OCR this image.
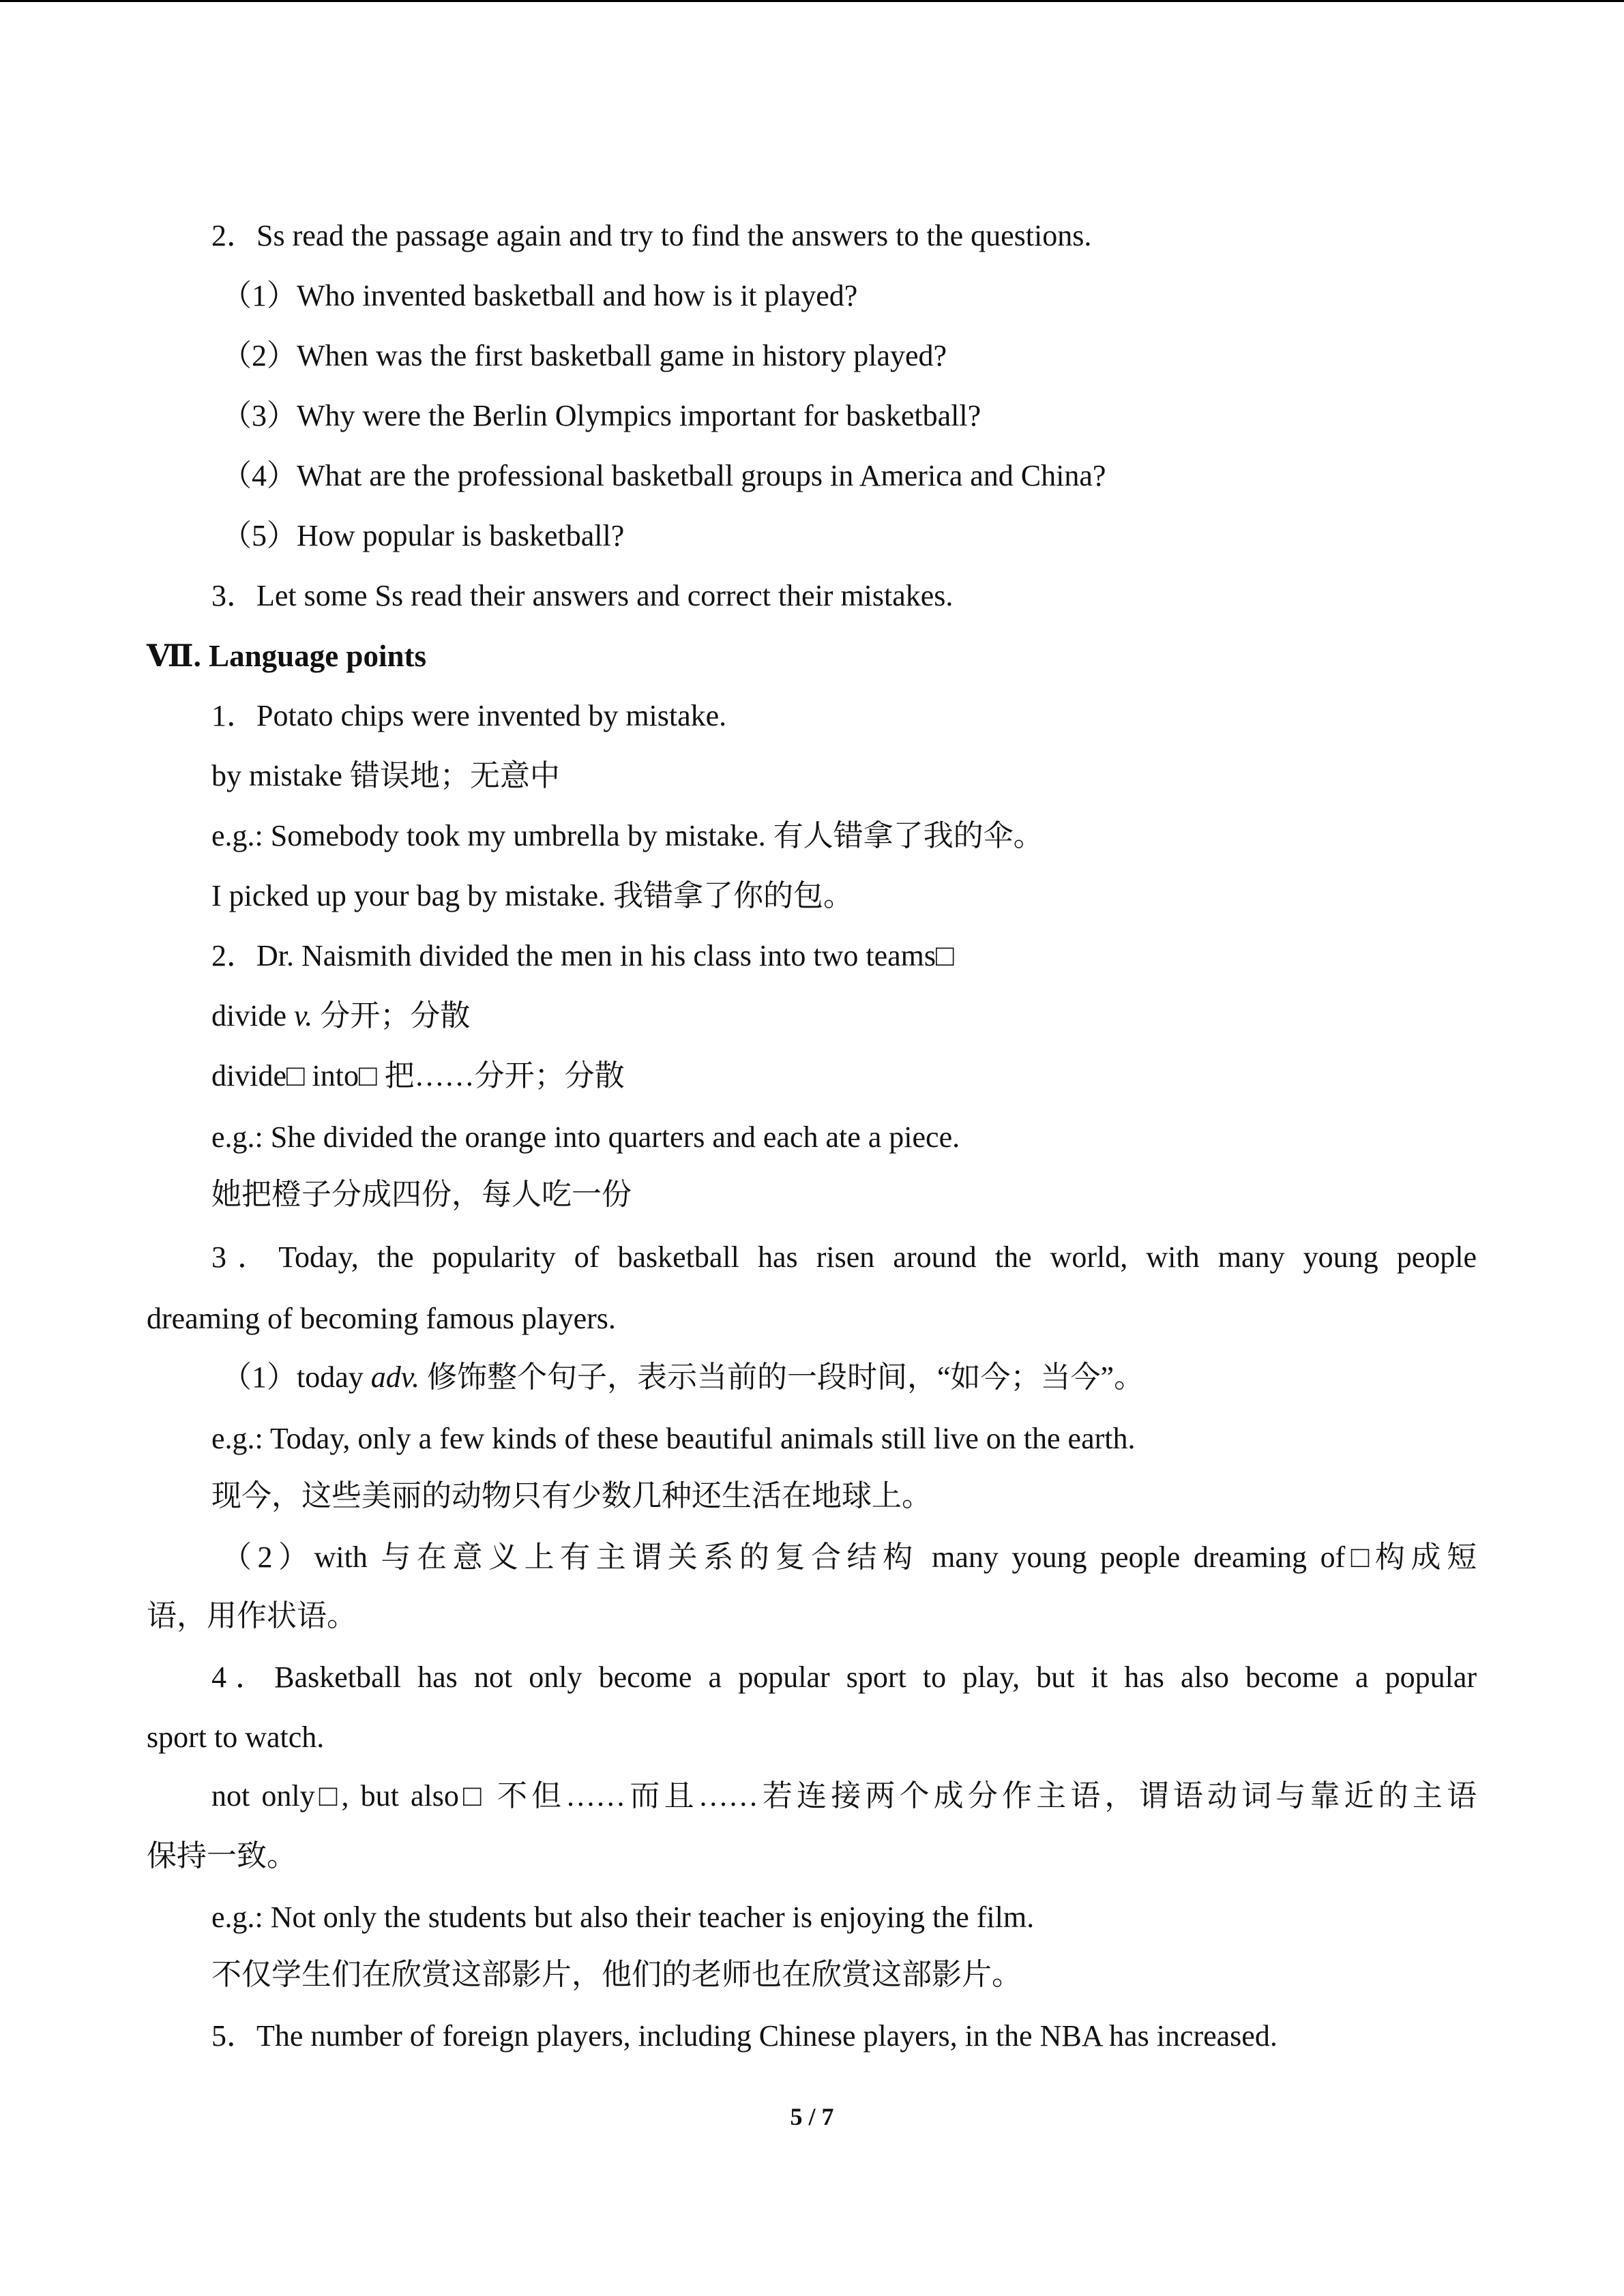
2．Ss read the passage again and try to find the answers to the questions.
（1）Who invented basketball and how is it played?
（2）When was the first basketball game in history played?
（3）Why were the Berlin Olympics important for basketball?
（4）What are the professional basketball groups in America and China?
（5）How popular is basketball?
3．Let some Ss read their answers and correct their mistakes.
Ⅶ. Language points
1．Potato chips were invented by mistake.
by mistake 错误地；无意中
e.g.: Somebody took my umbrella by mistake. 有人错拿了我的伞。
I picked up your bag by mistake. 我错拿了你的包。
2．Dr. Naismith divided the men in his class into two teams□
divide v. 分开；分散
divide□ into□ 把……分开；分散
e.g.: She divided the orange into quarters and each ate a piece.
她把橙子分成四份，每人吃一份
3．Today, the popularity of basketball has risen around the world, with many young people
dreaming of becoming famous players.
（1）today adv. 修饰整个句子，表示当前的一段时间，“如今；当今”。
e.g.: Today, only a few kinds of these beautiful animals still live on the earth.
现今，这些美丽的动物只有少数几种还生活在地球上。
（2）with 与在意义上有主谓关系的复合结构 many young people dreaming of□构成短
语，用作状语。
4．Basketball has not only become a popular sport to play, but it has also become a popular
sport to watch.
not only□, but also□ 不但……而且……若连接两个成分作主语，谓语动词与靠近的主语
保持一致。
e.g.: Not only the students but also their teacher is enjoying the film.
不仅学生们在欣赏这部影片，他们的老师也在欣赏这部影片。
5．The number of foreign players, including Chinese players, in the NBA has increased.
5 / 7
